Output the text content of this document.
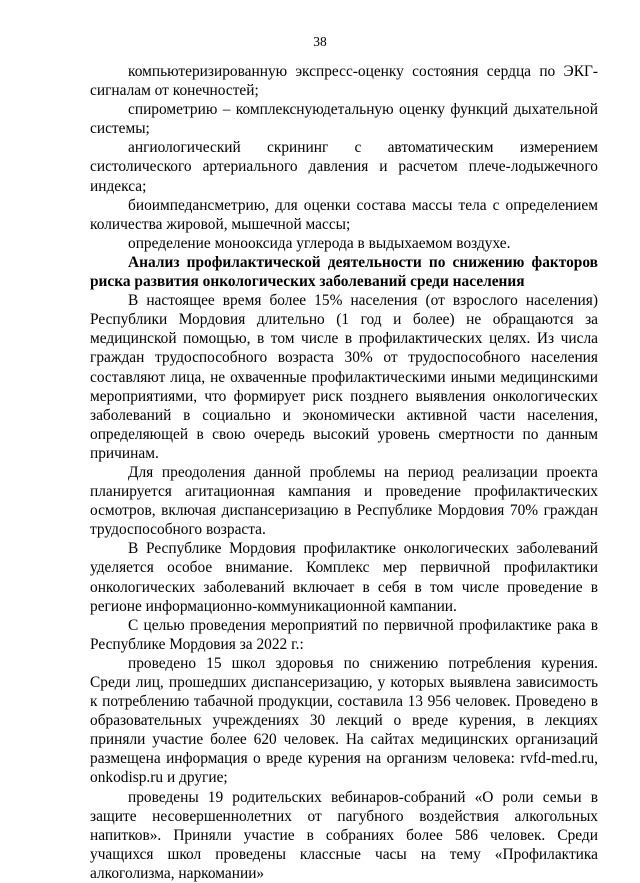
38

компьютеризированную экспресс-оценку состояния сердца по ЭКГ-сигналам от конечностей;

спирометрию – комплекснуюдетальную оценку функций дыхательной системы;

ангиологический скрининг с автоматическим измерением систолического артериального давления и расчетом плече-лодыжечного индекса;

биоимпедансметрию, для оценки состава массы тела с определением количества жировой, мышечной массы;

определение монооксида углерода в выдыхаемом воздухе.

Анализ профилактической деятельности по снижению факторов риска развития онкологических заболеваний среди населения

В настоящее время более 15% населения (от взрослого населения) Республики Мордовия длительно (1 год и более) не обращаются за медицинской помощью, в том числе в профилактических целях. Из числа граждан трудоспособного возраста 30% от трудоспособного населения составляют лица, не охваченные профилактическими иными медицинскими мероприятиями, что формирует риск позднего выявления онкологических заболеваний в социально и экономически активной части населения, определяющей в свою очередь высокий уровень смертности по данным причинам.

Для преодоления данной проблемы на период реализации проекта планируется агитационная кампания и проведение профилактических осмотров, включая диспансеризацию в Республике Мордовия 70% граждан трудоспособного возраста.

В Республике Мордовия профилактике онкологических заболеваний уделяется особое внимание. Комплекс мер первичной профилактики онкологических заболеваний включает в себя в том числе проведение в регионе информационно-коммуникационной кампании.

С целью проведения мероприятий по первичной профилактике рака в Республике Мордовия за 2022 г.:

проведено 15 школ здоровья по снижению потребления курения. Среди лиц, прошедших диспансеризацию, у которых выявлена зависимость к потреблению табачной продукции, составила 13 956 человек. Проведено в образовательных учреждениях 30 лекций о вреде курения, в лекциях приняли участие более 620 человек. На сайтах медицинских организаций размещена информация о вреде курения на организм человека: rvfd-med.ru, onkodisp.ru и другие;

проведены 19 родительских вебинаров-собраний «О роли семьи в защите несовершеннолетних от пагубного воздействия алкогольных напитков». Приняли участие в собраниях более 586 человек. Среди учащихся школ проведены классные часы на тему «Профилактика алкоголизма, наркомании»
